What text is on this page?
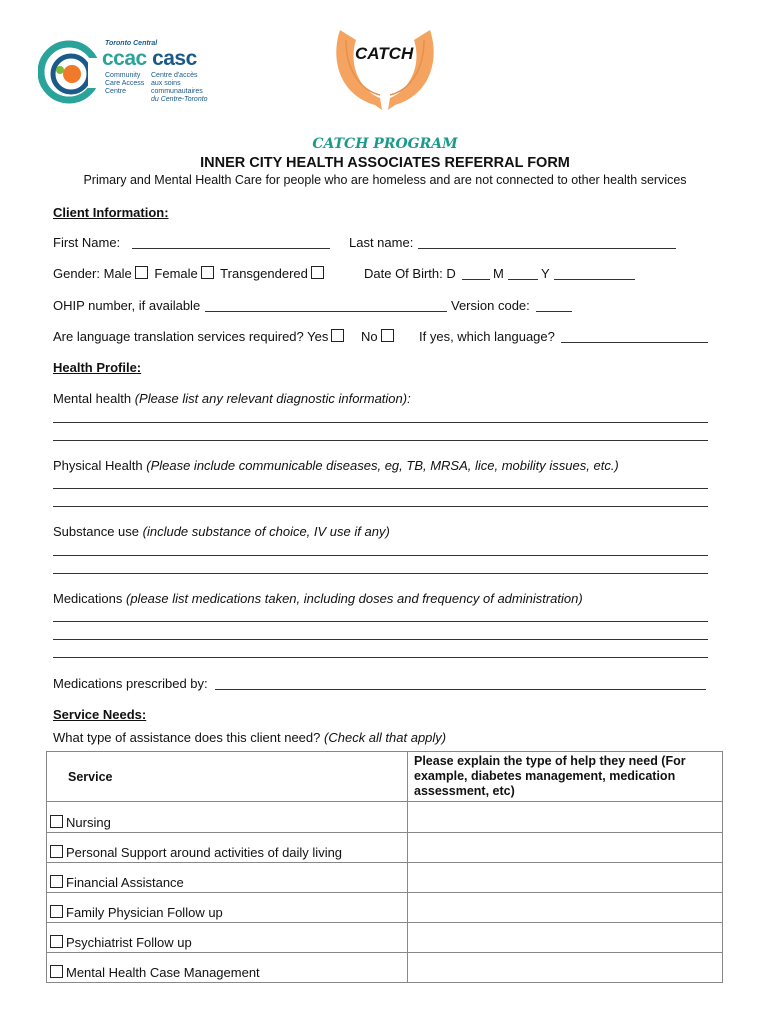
Toronto Central
ccac casc
Community
Care Access
Centre
Centre d'accès
aux soins
communautaires
du Centre-Toronto
CATCH
CATCH PROGRAM
INNER CITY HEALTH ASSOCIATES REFERRAL FORM
Primary and Mental Health Care for people who are homeless and are not connected to other health services
Client Information:
First Name:	Last name:
Gender: Male Female Transgendered	Date Of Birth: D	M	Y
OHIP number, if available	Version code:
Are language translation services required? Yes	No	If yes, which language?
Health Profile:
Mental health (Please list any relevant diagnostic information):
Physical Health (Please include communicable diseases, eg, TB, MRSA, lice, mobility issues, etc.)
Substance use (include substance of choice, IV use if any)
Medications (please list medications taken, including doses and frequency of administration)
Medications prescribed by:
Service Needs:
What type of assistance does this client need? (Check all that apply)
Service	Please explain the type of help they need (For example, diabetes management, medication assessment, etc)
Nursing	
Personal Support around activities of daily living	
Financial Assistance	
Family Physician Follow up	
Psychiatrist Follow up	
Mental Health Case Management	
